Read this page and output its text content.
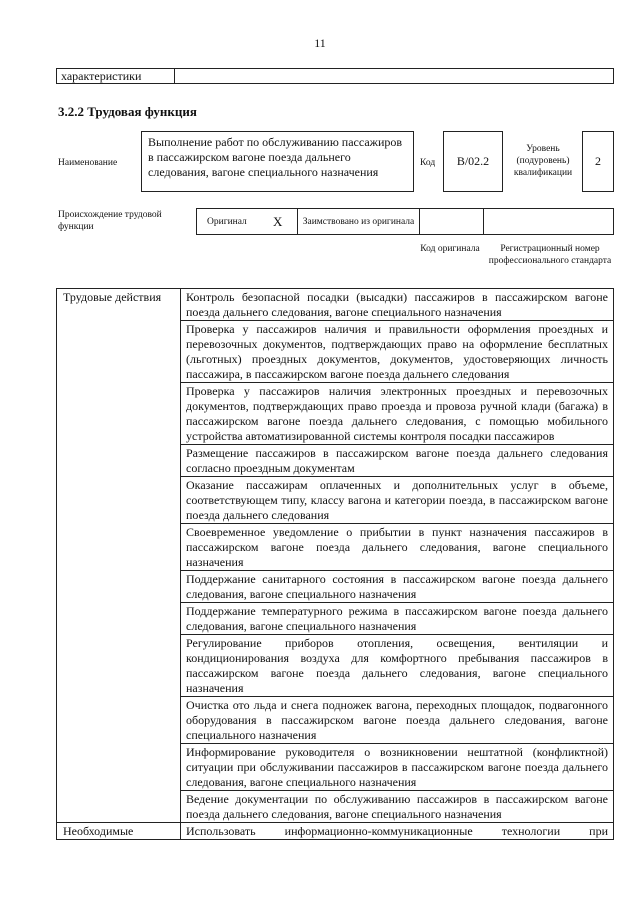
11
характеристики
3.2.2 Трудовая функция
Наименование
Выполнение работ по обслуживанию пассажиров в пассажирском вагоне поезда дальнего следования, вагоне специального назначения
Код	В/02.2
Уровень (подуровень) квалификации
2
Происхождение трудовой функции	Оригинал X	Заимствовано из оригинала
Код оригинала	Регистрационный номер профессионального стандарта
Трудовые действия	Контроль безопасной посадки (высадки) пассажиров в пассажирском вагоне поезда дальнего следования, вагоне специального назначения
	Проверка у пассажиров наличия и правильности оформления проездных и перевозочных документов, подтверждающих право на оформление бесплатных (льготных) проездных документов, документов, удостоверяющих личность пассажира, в пассажирском вагоне поезда дальнего следования
	Проверка у пассажиров наличия электронных проездных и перевозочных документов, подтверждающих право проезда и провоза ручной клади (багажа) в пассажирском вагоне поезда дальнего следования, с помощью мобильного устройства автоматизированной системы контроля посадки пассажиров
	Размещение пассажиров в пассажирском вагоне поезда дальнего следования согласно проездным документам
	Оказание пассажирам оплаченных и дополнительных услуг в объеме, соответствующем типу, классу вагона и категории поезда, в пассажирском вагоне поезда дальнего следования
	Своевременное уведомление о прибытии в пункт назначения пассажиров в пассажирском вагоне поезда дальнего следования, вагоне специального назначения
	Поддержание санитарного состояния в пассажирском вагоне поезда дальнего следования, вагоне специального назначения
	Поддержание температурного режима в пассажирском вагоне поезда дальнего следования, вагоне специального назначения
	Регулирование приборов отопления, освещения, вентиляции и кондиционирования воздуха для комфортного пребывания пассажиров в пассажирском вагоне поезда дальнего следования, вагоне специального назначения
	Очистка ото льда и снега подножек вагона, переходных площадок, подвагонного оборудования в пассажирском вагоне поезда дальнего следования, вагоне специального назначения
	Информирование руководителя о возникновении нештатной (конфликтной) ситуации при обслуживании пассажиров в пассажирском вагоне поезда дальнего следования, вагоне специального назначения
	Ведение документации по обслуживанию пассажиров в пассажирском вагоне поезда дальнего следования, вагоне специального назначения
Необходимые	Использовать информационно-коммуникационные технологии при
